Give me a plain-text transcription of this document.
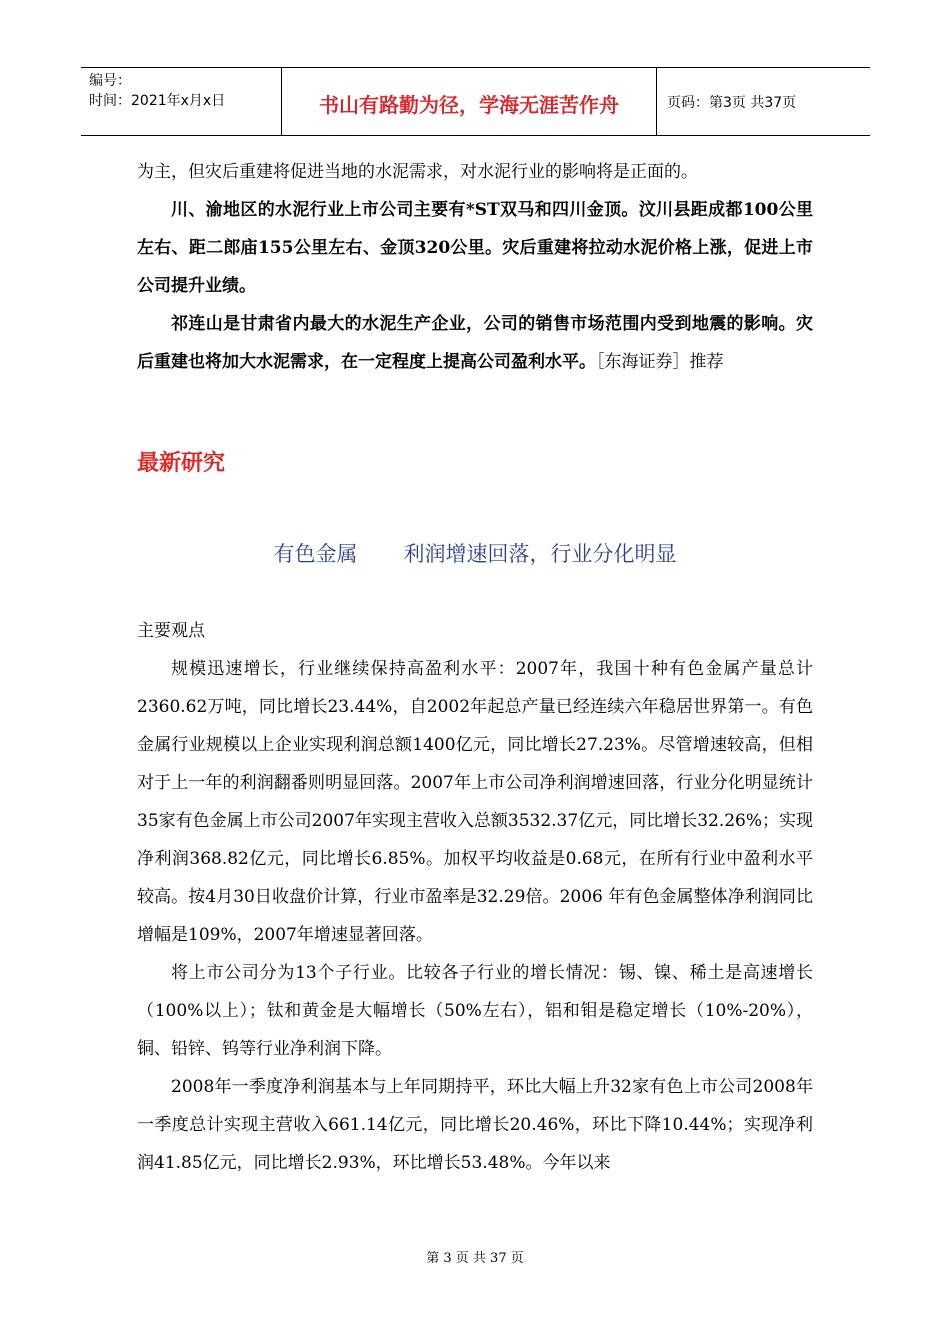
编号：
时间：2021年x月x日	书山有路勤为径，学海无涯苦作舟	页码：第3页 共37页

为主，但灾后重建将促进当地的水泥需求，对水泥行业的影响将是正面的。

川、渝地区的水泥行业上市公司主要有*ST双马和四川金顶。汶川县距成都100公里左右、距二郎庙155公里左右、金顶320公里。灾后重建将拉动水泥价格上涨，促进上市公司提升业绩。

祁连山是甘肃省内最大的水泥生产企业，公司的销售市场范围内受到地震的影响。灾后重建也将加大水泥需求，在一定程度上提高公司盈利水平。［东海证券］推荐

最新研究
有色金属 利润增速回落，行业分化明显

主要观点

规模迅速增长，行业继续保持高盈利水平：2007年，我国十种有色金属产量总计2360.62万吨，同比增长23.44%，自2002年起总产量已经连续六年稳居世界第一。有色金属行业规模以上企业实现利润总额1400亿元，同比增长27.23%。尽管增速较高，但相对于上一年的利润翻番则明显回落。2007年上市公司净利润增速回落，行业分化明显统计35家有色金属上市公司2007年实现主营收入总额3532.37亿元，同比增长32.26%；实现净利润368.82亿元，同比增长6.85%。加权平均收益是0.68元，在所有行业中盈利水平较高。按4月30日收盘价计算，行业市盈率是32.29倍。2006 年有色金属整体净利润同比增幅是109%，2007年增速显著回落。

将上市公司分为13个子行业。比较各子行业的增长情况：锡、镍、稀土是高速增长（100%以上）；钛和黄金是大幅增长（50%左右），铝和钼是稳定增长（10%-20%），铜、铅锌、钨等行业净利润下降。

2008年一季度净利润基本与上年同期持平，环比大幅上升32家有色上市公司2008年一季度总计实现主营收入661.14亿元，同比增长20.46%，环比下降10.44%；实现净利润41.85亿元，同比增长2.93%，环比增长53.48%。今年以来

第 3 页 共 37 页
